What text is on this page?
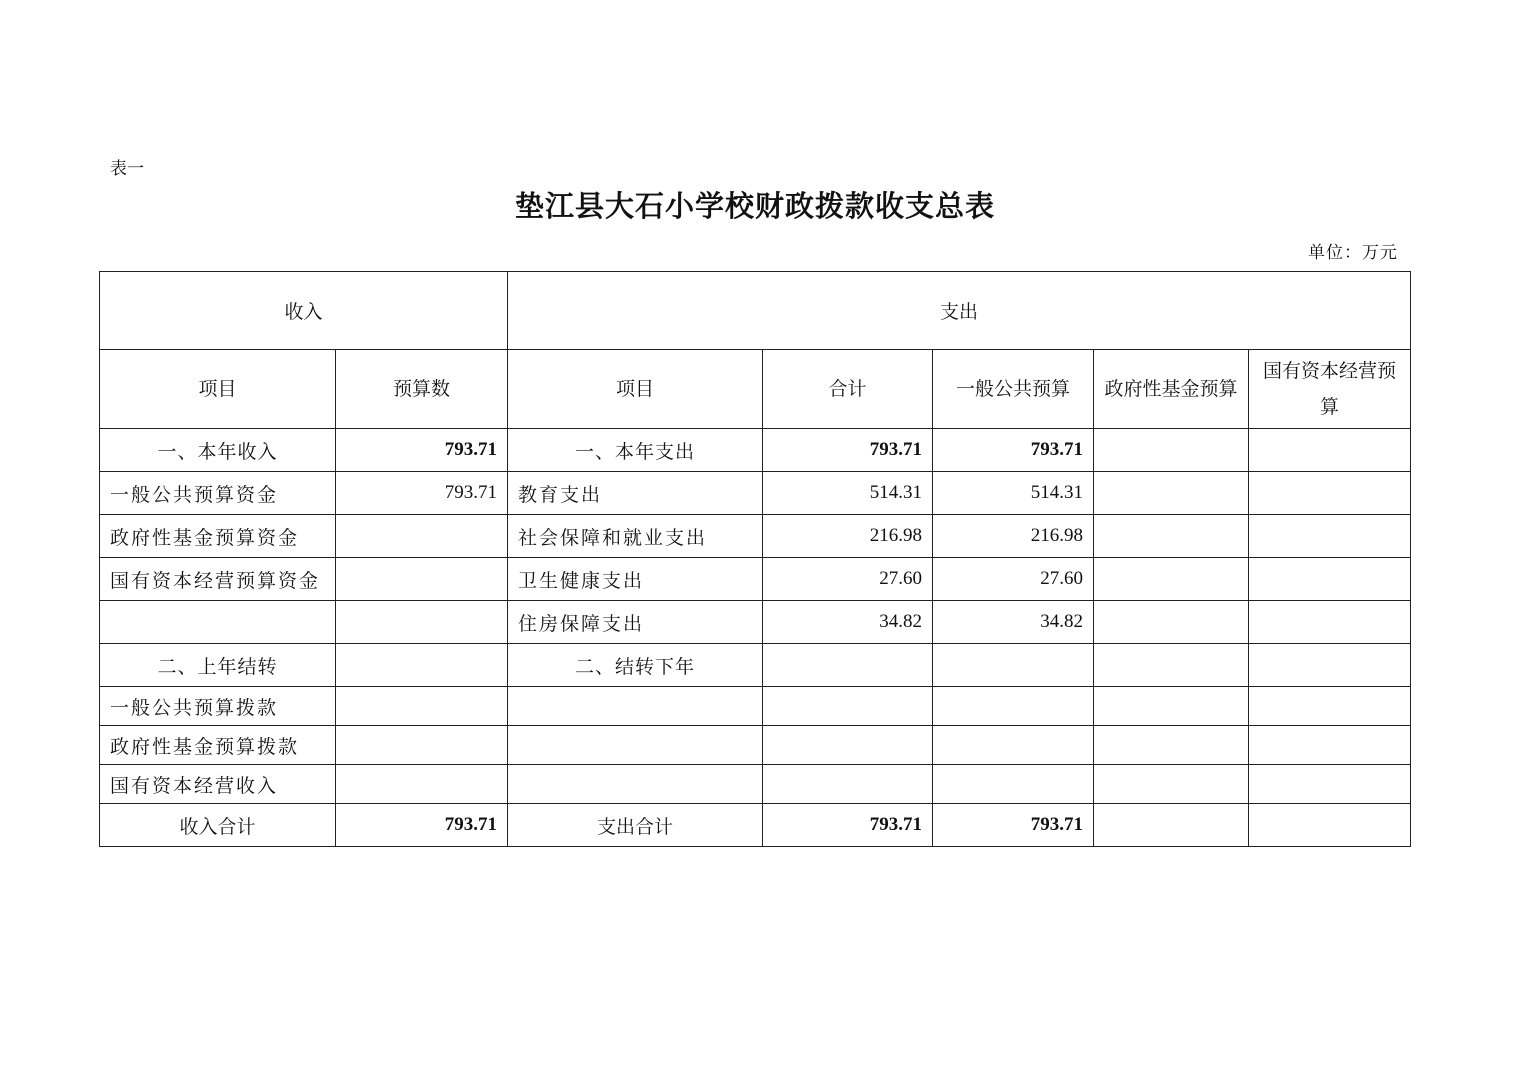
表一
垫江县大石小学校财政拨款收支总表
单位：万元
收入		支出				
项目	预算数	项目	合计	一般公共预算	政府性基金预算	国有资本经营预算
一、本年收入	793.71	一、本年支出	793.71	793.71		
一般公共预算资金	793.71	教育支出	514.31	514.31		
政府性基金预算资金		社会保障和就业支出	216.98	216.98		
国有资本经营预算资金		卫生健康支出	27.60	27.60		
		住房保障支出	34.82	34.82		
二、上年结转		二、结转下年				
一般公共预算拨款						
政府性基金预算拨款						
国有资本经营收入						
收入合计	793.71	支出合计	793.71	793.71		
